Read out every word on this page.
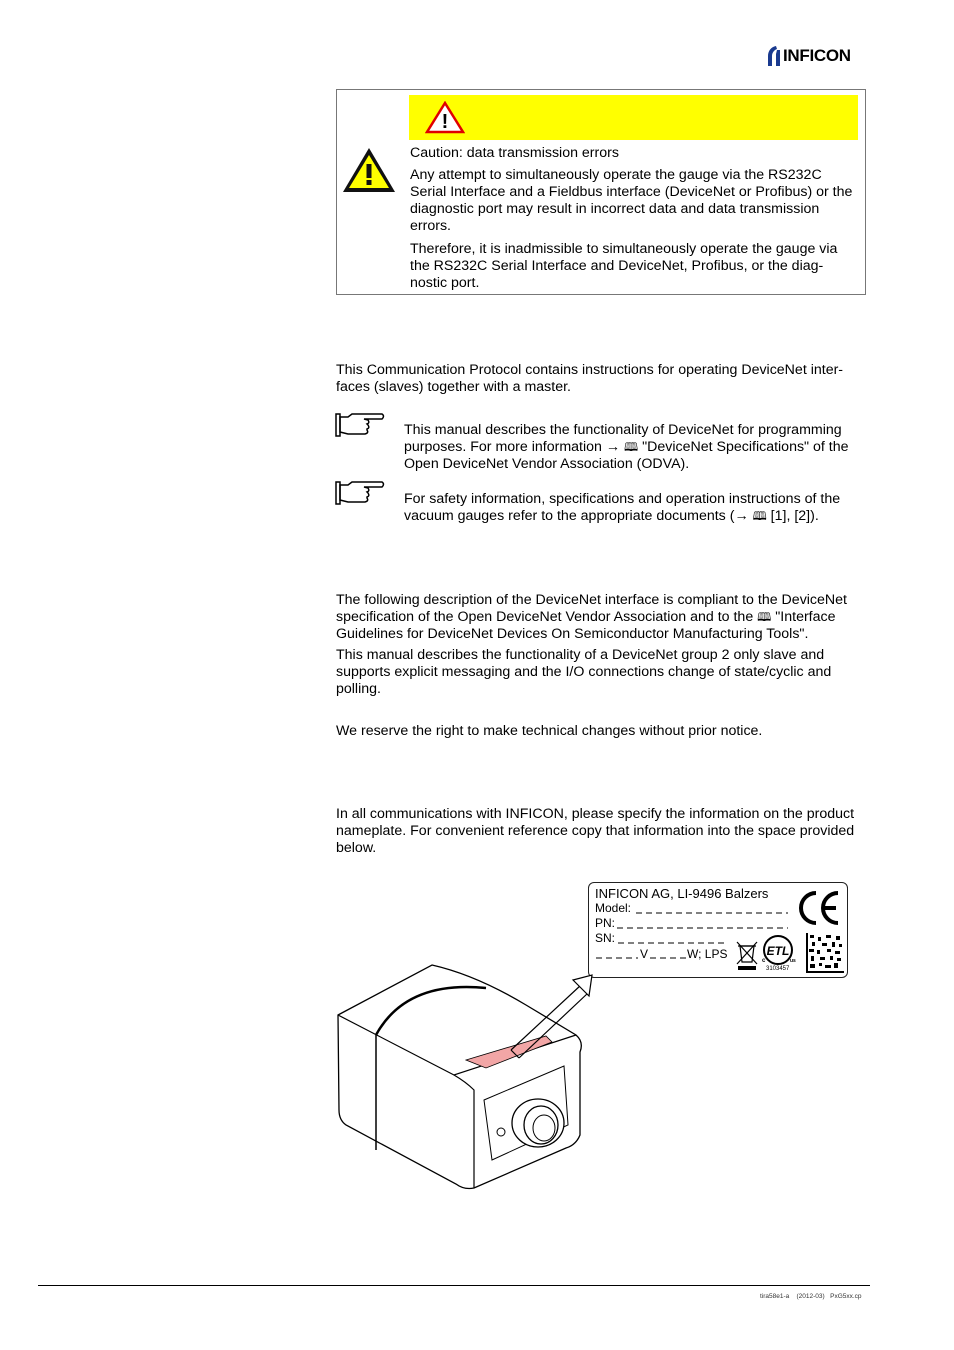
INFICON
!

Caution: data transmission errors

Any attempt to simultaneously operate the gauge via the RS232C Serial Interface and a Fieldbus interface (DeviceNet or Profibus) or the diagnostic port may result in incorrect data and data transmission errors.

Therefore, it is inadmissible to simultaneously operate the gauge via the RS232C Serial Interface and DeviceNet, Profibus, or the diag-nostic port.

This Communication Protocol contains instructions for operating DeviceNet inter-faces (slaves) together with a master.
This manual describes the functionality of DeviceNet for programming purposes. For more information → 🕮 "DeviceNet Specifications" of the Open DeviceNet Vendor Association (ODVA).
For safety information, specifications and operation instructions of the vacuum gauges refer to the appropriate documents (→ 🕮 [1], [2]).
The following description of the DeviceNet interface is compliant to the DeviceNet specification of the Open DeviceNet Vendor Association and to the 🕮 "Interface Guidelines for DeviceNet Devices On Semiconductor Manufacturing Tools".
This manual describes the functionality of a DeviceNet group 2 only slave and supports explicit messaging and the I/O connections change of state/cyclic and polling.
We reserve the right to make technical changes without prior notice.
In all communications with INFICON, please specify the information on the product nameplate. For convenient reference copy that information into the space provided below.
INFICON AG, LI-9496 Balzers
Model:
PN:
SN:
V	W; LPS	ETL
c	us
3103457
tira58e1-a (2012-03) PxG5xx.cp
